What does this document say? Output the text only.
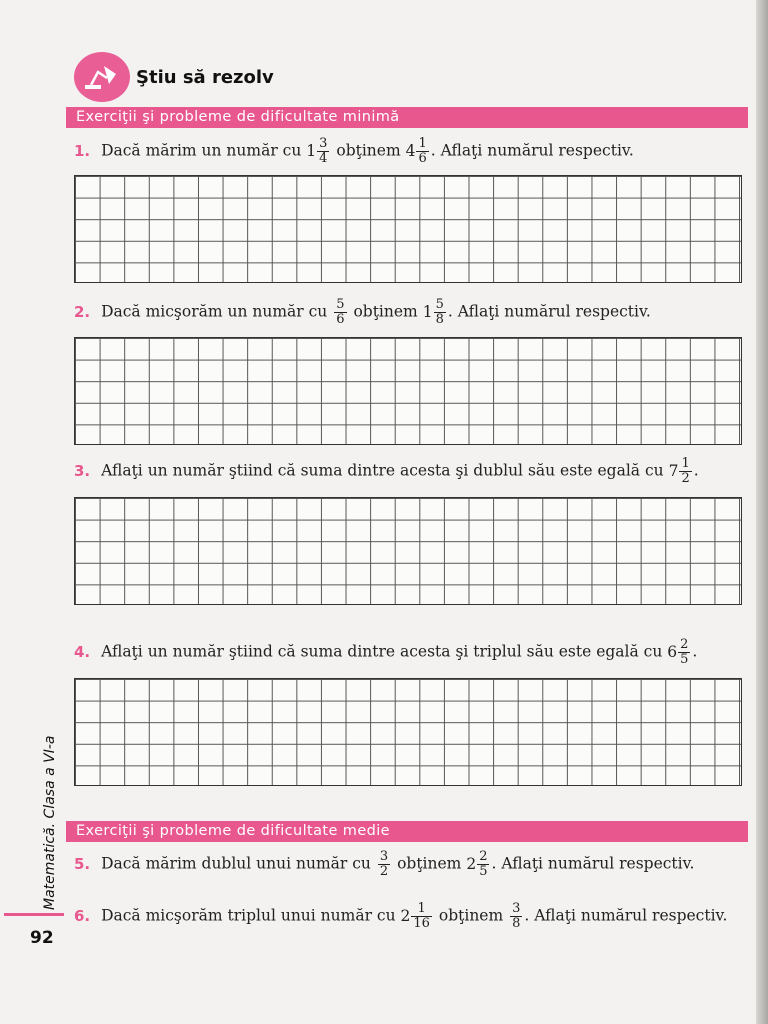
Ştiu să rezolv
Exerciţii şi probleme de dificultate minimă
1. Dacă mărim un număr cu $1 \frac{3}{4}$ obţinem $4 \frac{1}{6}$ . Aflaţi numărul respectiv.
2. Dacă micşorăm un număr cu $\frac{5}{6}$ obţinem $1 \frac{5}{8}$ . Aflaţi numărul respectiv.
3. Aflaţi un număr ştiind că suma dintre acesta şi dublul său este egală cu $7 \frac{1}{2}$ .
4. Aflaţi un număr ştiind că suma dintre acesta şi triplul său este egală cu $6 \frac{2}{5}$ .
Exerciţii şi probleme de dificultate medie
5. Dacă mărim dublul unui număr cu $\frac{3}{2}$ obţinem $2 \frac{2}{5}$ . Aflaţi numărul respectiv.
6. Dacă micşorăm triplul unui număr cu $2 \frac{1}{16}$ obţinem $\frac{3}{8}$ . Aflaţi numărul respectiv.
Matematică. Clasa a VI-a
92
